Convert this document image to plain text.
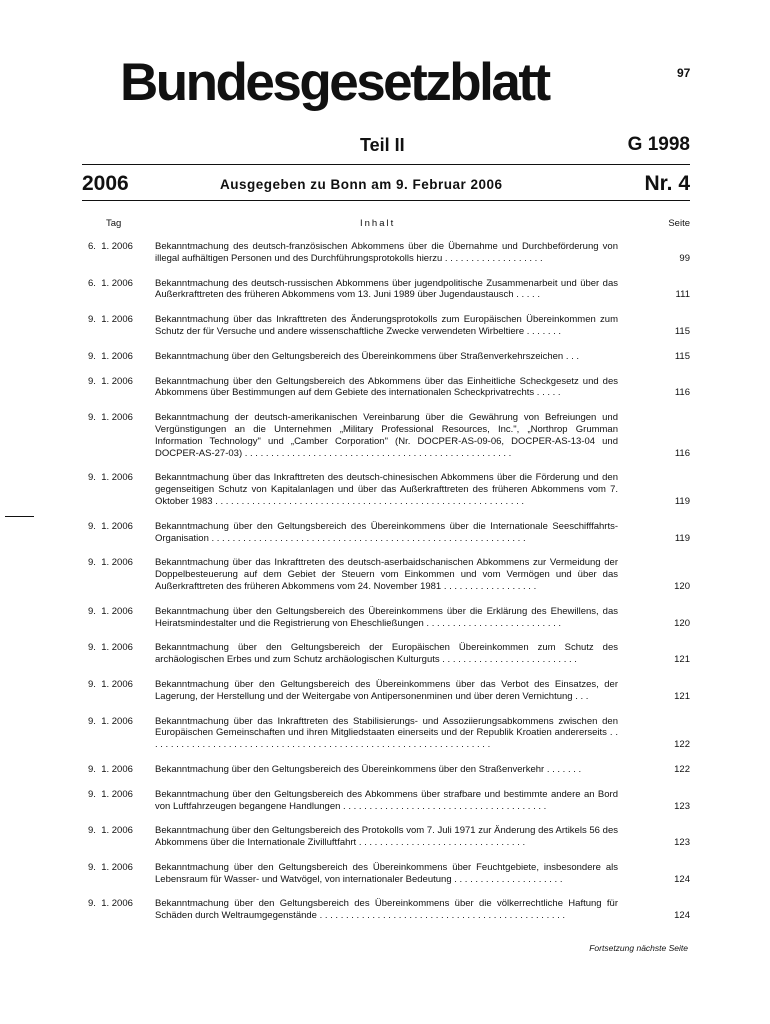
Bundesgesetzblatt	97
Teil II	G 1998
2006	Ausgegeben zu Bonn am 9. Februar 2006	Nr. 4
Tag	Inhalt	Seite
6.  1. 2006 Bekanntmachung des deutsch-französischen Abkommens über die Übernahme und Durchbeförderung von illegal aufhältigen Personen und des Durchführungsprotokolls hierzu . . . . . . . . . . . . . . . . . . .	99
6.  1. 2006 Bekanntmachung des deutsch-russischen Abkommens über jugendpolitische Zusammenarbeit und über das Außerkrafttreten des früheren Abkommens vom 13. Juni 1989 über Jugendaustausch . . . . .	111
9.  1. 2006 Bekanntmachung über das Inkrafttreten des Änderungsprotokolls zum Europäischen Übereinkommen zum Schutz der für Versuche und andere wissenschaftliche Zwecke verwendeten Wirbeltiere . . . . . . .	115
9.  1. 2006 Bekanntmachung über den Geltungsbereich des Übereinkommens über Straßenverkehrszeichen . . .	115
9.  1. 2006 Bekanntmachung über den Geltungsbereich des Abkommens über das Einheitliche Scheckgesetz und des Abkommens über Bestimmungen auf dem Gebiete des internationalen Scheckprivatrechts . . . . .	116
9.  1. 2006 Bekanntmachung der deutsch-amerikanischen Vereinbarung über die Gewährung von Befreiungen und Vergünstigungen an die Unternehmen „Military Professional Resources, Inc.", „Northrop Grumman Information Technology" und „Camber Corporation" (Nr. DOCPER-AS-09-06, DOCPER-AS-13-04 und DOCPER-AS-27-03) . . . . . . . . . . . . . . . . . . . . . . . . . . . . . . . . . . . . . . . . . . . . . . . . . . .	116
9.  1. 2006 Bekanntmachung über das Inkrafttreten des deutsch-chinesischen Abkommens über die Förderung und den gegenseitigen Schutz von Kapitalanlagen und über das Außerkrafttreten des früheren Abkommens vom 7. Oktober 1983 . . . . . . . . . . . . . . . . . . . . . . . . . . . . . . . . . . . . . . . . . . . . . . . . . . . . . . . . . . .	119
9.  1. 2006 Bekanntmachung über den Geltungsbereich des Übereinkommens über die Internationale Seeschifffahrts-Organisation . . . . . . . . . . . . . . . . . . . . . . . . . . . . . . . . . . . . . . . . . . . . . . . . . . . . . . . . . . . .	119
9.  1. 2006 Bekanntmachung über das Inkrafttreten des deutsch-aserbaidschanischen Abkommens zur Vermeidung der Doppelbesteuerung auf dem Gebiet der Steuern vom Einkommen und vom Vermögen und über das Außerkrafttreten des früheren Abkommens vom 24. November 1981 . . . . . . . . . . . . . . . . . .	120
9.  1. 2006 Bekanntmachung über den Geltungsbereich des Übereinkommens über die Erklärung des Ehewillens, das Heiratsmindestalter und die Registrierung von Eheschließungen . . . . . . . . . . . . . . . . . . . . . . . . . .	120
9.  1. 2006 Bekanntmachung über den Geltungsbereich der Europäischen Übereinkommen zum Schutz des archäologischen Erbes und zum Schutz archäologischen Kulturguts . . . . . . . . . . . . . . . . . . . . . . . . . .	121
9.  1. 2006 Bekanntmachung über den Geltungsbereich des Übereinkommens über das Verbot des Einsatzes, der Lagerung, der Herstellung und der Weitergabe von Antipersonenminen und über deren Vernichtung . . .	121
9.  1. 2006 Bekanntmachung über das Inkrafttreten des Stabilisierungs- und Assoziierungsabkommens zwischen den Europäischen Gemeinschaften und ihren Mitgliedstaaten einerseits und der Republik Kroatien andererseits . . . . . . . . . . . . . . . . . . . . . . . . . . . . . . . . . . . . . . . . . . . . . . . . . . . . . . . . . . . . . . . . . .	122
9.  1. 2006 Bekanntmachung über den Geltungsbereich des Übereinkommens über den Straßenverkehr . . . . . . .	122
9.  1. 2006 Bekanntmachung über den Geltungsbereich des Abkommens über strafbare und bestimmte andere an Bord von Luftfahrzeugen begangene Handlungen . . . . . . . . . . . . . . . . . . . . . . . . . . . . . . . . . . . . . . .	123
9.  1. 2006 Bekanntmachung über den Geltungsbereich des Protokolls vom 7. Juli 1971 zur Änderung des Artikels 56 des Abkommens über die Internationale Zivilluftfahrt . . . . . . . . . . . . . . . . . . . . . . . . . . . . . . . .	123
9.  1. 2006 Bekanntmachung über den Geltungsbereich des Übereinkommens über Feuchtgebiete, insbesondere als Lebensraum für Wasser- und Watvögel, von internationaler Bedeutung . . . . . . . . . . . . . . . . . . . . .	124
9.  1. 2006 Bekanntmachung über den Geltungsbereich des Übereinkommens über die völkerrechtliche Haftung für Schäden durch Weltraumgegenstände . . . . . . . . . . . . . . . . . . . . . . . . . . . . . . . . . . . . . . . . . . . . . . .	124
Fortsetzung nächste Seite
